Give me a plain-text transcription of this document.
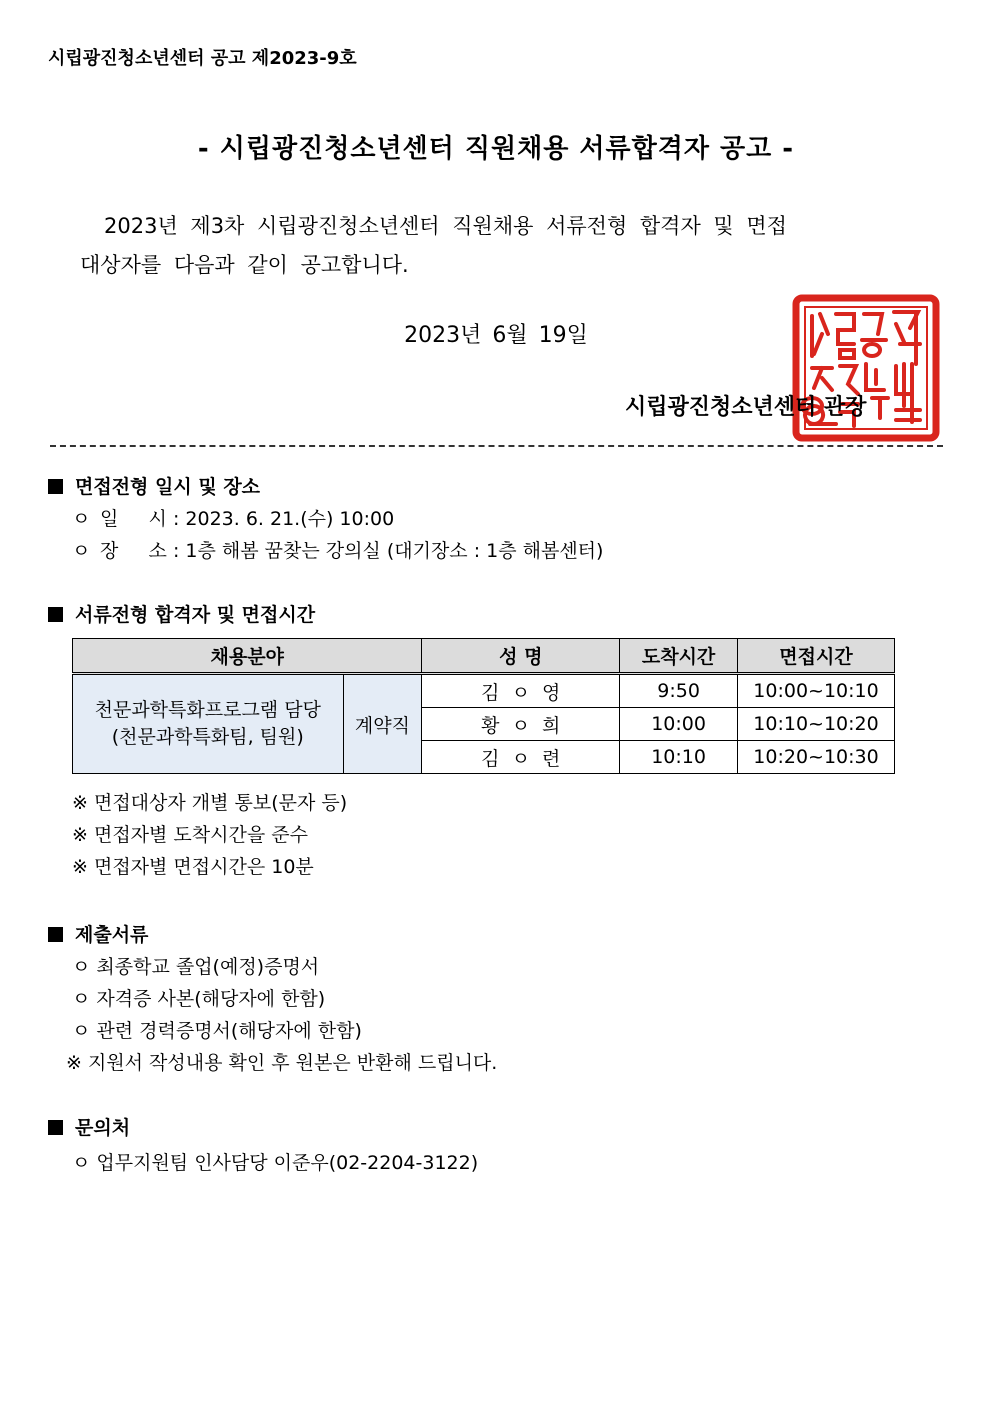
시립광진청소년센터 공고 제2023-9호
- 시립광진청소년센터 직원채용 서류합격자 공고 -
2023년 제3차 시립광진청소년센터 직원채용 서류전형 합격자 및 면접
대상자를 다음과 같이 공고합니다.
2023년 6월 19일
시립광진청소년센터 관장
면접전형 일시 및 장소
ㅇ 일     시 : 2023. 6. 21.(수) 10:00
ㅇ 장     소 : 1층 해봄 꿈찾는 강의실 (대기장소 : 1층 해봄센터)
서류전형 합격자 및 면접시간
채용분야		성 명	도착시간	면접시간

천문과학특화프로그램 담당
(천문과학특화팀, 팀원)	계약직	김  ㅇ  영	9:50	10:00~10:10
		황  ㅇ  희	10:00	10:10~10:20
		김  ㅇ  련	10:10	10:20~10:30
※ 면접대상자 개별 통보(문자 등)
※ 면접자별 도착시간을 준수
※ 면접자별 면접시간은 10분
제출서류
ㅇ 최종학교 졸업(예정)증명서
ㅇ 자격증 사본(해당자에 한함)
ㅇ 관련 경력증명서(해당자에 한함)
※ 지원서 작성내용 확인 후 원본은 반환해 드립니다.
문의처
ㅇ 업무지원팀 인사담당 이준우(02-2204-3122)
